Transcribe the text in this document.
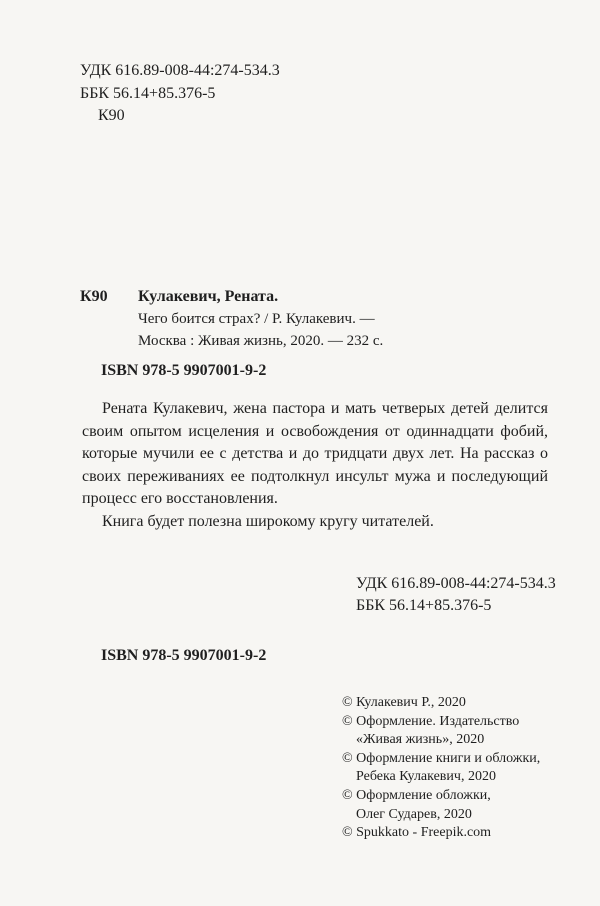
УДК 616.89-008-44:274-534.3
ББК 56.14+85.376-5
К90
К90 Кулакевич, Рената.
Чего боится страх? / Р. Кулакевич. —
Москва : Живая жизнь, 2020. — 232 с.
ISBN 978-5 9907001-9-2

Рената Кулакевич, жена пастора и мать четверых детей делится своим опытом исцеления и освобождения от одиннадцати фобий, которые мучили ее с детства и до тридцати двух лет. На рассказ о своих переживаниях ее подтолкнул инсульт мужа и последующий процесс его восстановления.

Книга будет полезна широкому кругу читателей.

УДК 616.89-008-44:274-534.3
ББК 56.14+85.376-5
ISBN 978-5 9907001-9-2
© Кулакевич Р., 2020
© Оформление. Издательство
«Живая жизнь», 2020
© Оформление книги и обложки,
Ребека Кулакевич, 2020
© Оформление обложки,
Олег Сударев, 2020
© Spukkato - Freepik.com
